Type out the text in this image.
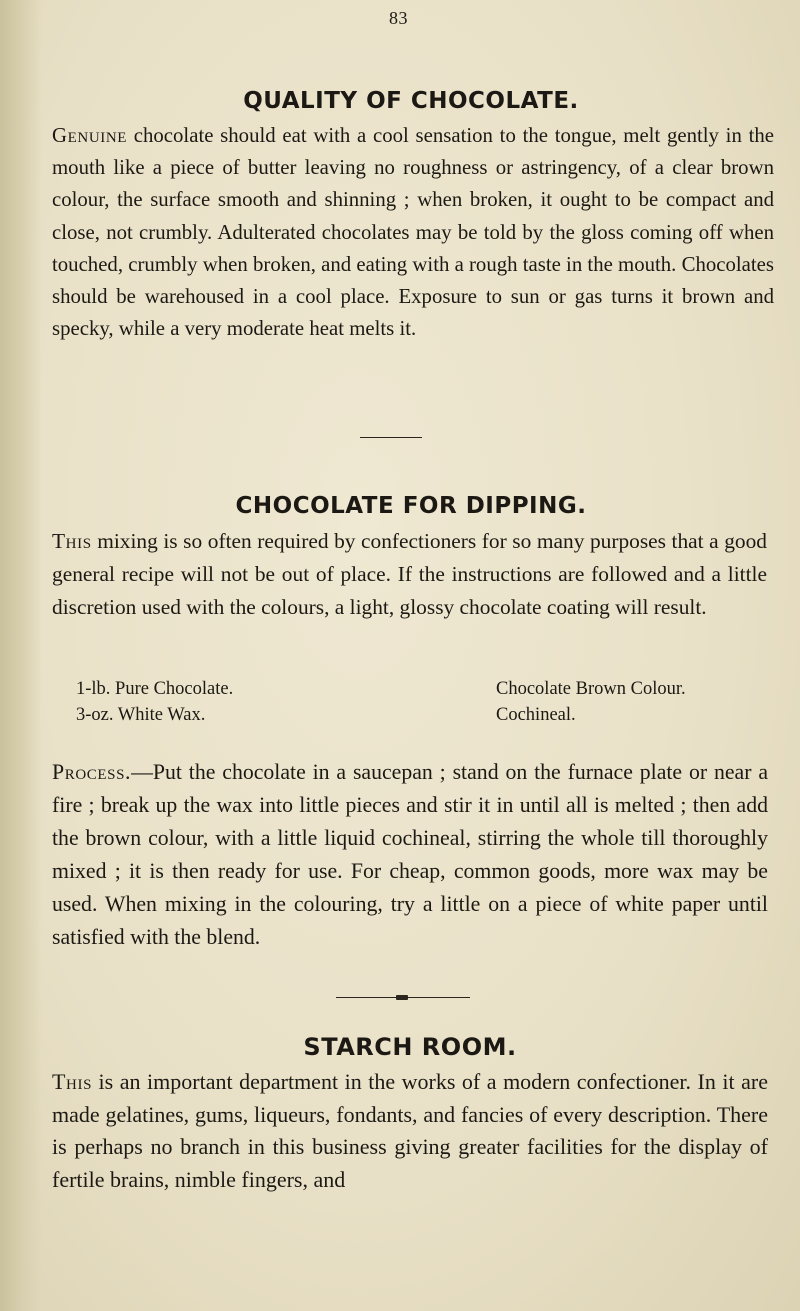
83
QUALITY OF CHOCOLATE.

Genuine chocolate should eat with a cool sensation to the tongue, melt gently in the mouth like a piece of butter leaving no roughness or astringency, of a clear brown colour, the surface smooth and shinning ; when broken, it ought to be compact and close, not crumbly. Adulterated chocolates may be told by the gloss coming off when touched, crumbly when broken, and eating with a rough taste in the mouth. Chocolates should be warehoused in a cool place. Exposure to sun or gas turns it brown and specky, while a very moderate heat melts it.

CHOCOLATE FOR DIPPING.

This mixing is so often required by confectioners for so many purposes that a good general recipe will not be out of place. If the instructions are followed and a little discretion used with the colours, a light, glossy chocolate coating will result.

1-lb. Pure Chocolate.
3-oz. White Wax.
Chocolate Brown Colour.
Cochineal.

Process.—Put the chocolate in a saucepan ; stand on the furnace plate or near a fire ; break up the wax into little pieces and stir it in until all is melted ; then add the brown colour, with a little liquid cochineal, stirring the whole till thoroughly mixed ; it is then ready for use. For cheap, common goods, more wax may be used. When mixing in the colouring, try a little on a piece of white paper until satisfied with the blend.

STARCH ROOM.

This is an important department in the works of a modern confectioner. In it are made gelatines, gums, liqueurs, fondants, and fancies of every description. There is perhaps no branch in this business giving greater facilities for the display of fertile brains, nimble fingers, and
